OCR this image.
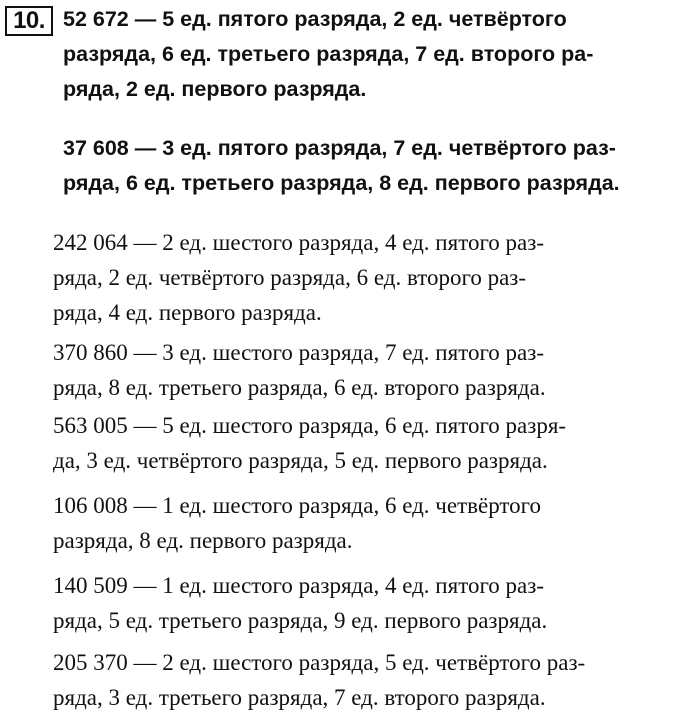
10. 52 672 — 5 ед. пятого разряда, 2 ед. четвёртого
разряда, 6 ед. третьего разряда, 7 ед. второго ра-
ряда, 2 ед. первого разряда.
37 608 — 3 ед. пятого разряда, 7 ед. четвёртого раз-
ряда, 6 ед. третьего разряда, 8 ед. первого разряда.
242 064 — 2 ед. шестого разряда, 4 ед. пятого раз-
ряда, 2 ед. четвёртого разряда, 6 ед. второго раз-
ряда, 4 ед. первого разряда.
370 860 — 3 ед. шестого разряда, 7 ед. пятого раз-
ряда, 8 ед. третьего разряда, 6 ед. второго разряда.
563 005 — 5 ед. шестого разряда, 6 ед. пятого разря-
да, 3 ед. четвёртого разряда, 5 ед. первого разряда.
106 008 — 1 ед. шестого разряда, 6 ед. четвёртого
разряда, 8 ед. первого разряда.
140 509 — 1 ед. шестого разряда, 4 ед. пятого раз-
ряда, 5 ед. третьего разряда, 9 ед. первого разряда.
205 370 — 2 ед. шестого разряда, 5 ед. четвёртого раз-
ряда, 3 ед. третьего разряда, 7 ед. второго разряда.
